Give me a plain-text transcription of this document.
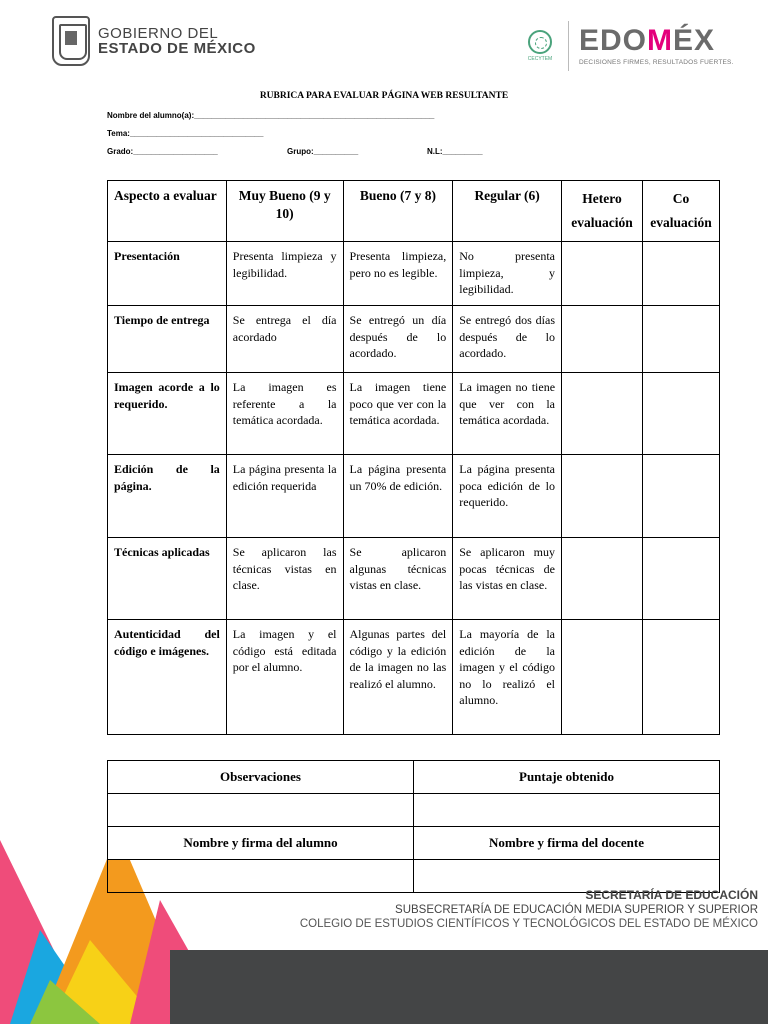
GOBIERNO DEL
ESTADO DE MÉXICO
CECYTEM
EDOMÉX
DECISIONES FIRMES, RESULTADOS FUERTES.
RUBRICA PARA EVALUAR PÁGINA WEB RESULTANTE
Nombre del alumno(a):______________________________________________________
Tema:______________________________
Grado:___________________	Grupo:__________	N.L:_________
Aspecto a evaluar	Muy Bueno (9 y 10)	Bueno (7 y 8)	Regular (6)	Hetero evaluación	Co evaluación
Presentación	Presenta limpieza y legibilidad.	Presenta limpieza, pero no es legible.	No presenta limpieza, y legibilidad.		
Tiempo de entrega	Se entrega el día acordado	Se entregó un día después de lo acordado.	Se entregó dos días después de lo acordado.		
Imagen acorde a lo requerido.	La imagen es referente a la temática acordada.	La imagen tiene poco que ver con la temática acordada.	La imagen no tiene que ver con la temática acordada.		
Edición de la página.	La página presenta la edición requerida	La página presenta un 70% de edición.	La página presenta poca edición de lo requerido.		
Técnicas aplicadas	Se aplicaron las técnicas vistas en clase.	Se aplicaron algunas técnicas vistas en clase.	Se aplicaron muy pocas técnicas de las vistas en clase.		
Autenticidad del código e imágenes.	La imagen y el código está editada por el alumno.	Algunas partes del código y la edición de la imagen no las realizó el alumno.	La mayoría de la edición de la imagen y el código no lo realizó el alumno.		
Observaciones	Puntaje obtenido

Nombre y firma del alumno	Nombre y firma del docente

SECRETARÍA DE EDUCACIÓN
SUBSECRETARÍA DE EDUCACIÓN MEDIA SUPERIOR Y SUPERIOR
COLEGIO DE ESTUDIOS CIENTÍFICOS Y TECNOLÓGICOS DEL ESTADO DE MÉXICO
